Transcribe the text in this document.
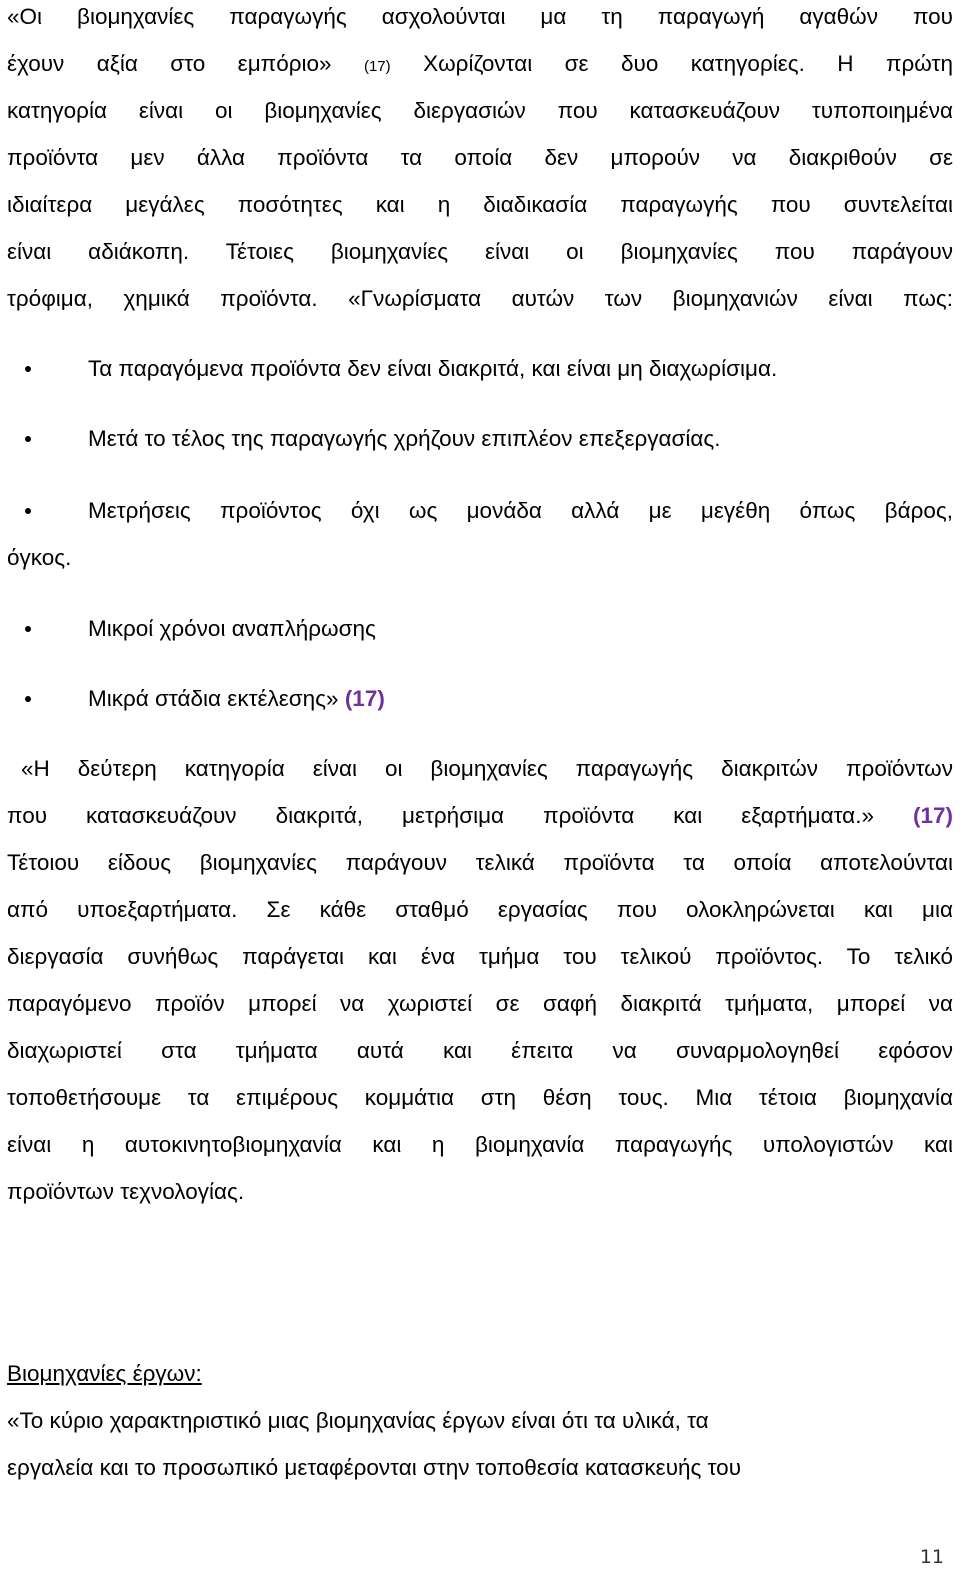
«Οι βιομηχανίες παραγωγής ασχολούνται μα τη παραγωγή αγαθών που
έχουν αξία στο εμπόριο» (17) Χωρίζονται σε δυο κατηγορίες. Η πρώτη
κατηγορία είναι οι βιομηχανίες διεργασιών που κατασκευάζουν τυποποιημένα
προϊόντα μεν άλλα προϊόντα τα οποία δεν μπορούν να διακριθούν σε
ιδιαίτερα μεγάλες ποσότητες και η διαδικασία παραγωγής που συντελείται
είναι αδιάκοπη. Τέτοιες βιομηχανίες είναι οι βιομηχανίες που παράγουν
τρόφιμα, χημικά προϊόντα. «Γνωρίσματα αυτών των βιομηχανιών είναι πως:
Τα παραγόμενα προϊόντα δεν είναι διακριτά, και είναι μη διαχωρίσιμα.
Μετά το τέλος της παραγωγής χρήζουν επιπλέον επεξεργασίας.
Μετρήσεις προϊόντος όχι ως μονάδα αλλά με μεγέθη όπως βάρος,
όγκος.
Μικροί χρόνοι αναπλήρωσης
Μικρά στάδια εκτέλεσης» (17)
«Η δεύτερη κατηγορία είναι οι βιομηχανίες παραγωγής διακριτών προϊόντων
που κατασκευάζουν διακριτά, μετρήσιμα προϊόντα και εξαρτήματα.» (17)
Τέτοιου είδους βιομηχανίες παράγουν τελικά προϊόντα τα οποία αποτελούνται
από υποεξαρτήματα. Σε κάθε σταθμό εργασίας που ολοκληρώνεται και μια
διεργασία συνήθως παράγεται και ένα τμήμα του τελικού προϊόντος. Το τελικό
παραγόμενο προϊόν μπορεί να χωριστεί σε σαφή διακριτά τμήματα, μπορεί να
διαχωριστεί στα τμήματα αυτά και έπειτα να συναρμολογηθεί εφόσον
τοποθετήσουμε τα επιμέρους κομμάτια στη θέση τους. Μια τέτοια βιομηχανία
είναι η αυτοκινητοβιομηχανία και η βιομηχανία παραγωγής υπολογιστών και
προϊόντων τεχνολογίας.
Βιομηχανίες έργων:
«Το κύριο χαρακτηριστικό μιας βιομηχανίας έργων είναι ότι τα υλικά, τα
εργαλεία και το προσωπικό μεταφέρονται στην τοποθεσία κατασκευής του
11
